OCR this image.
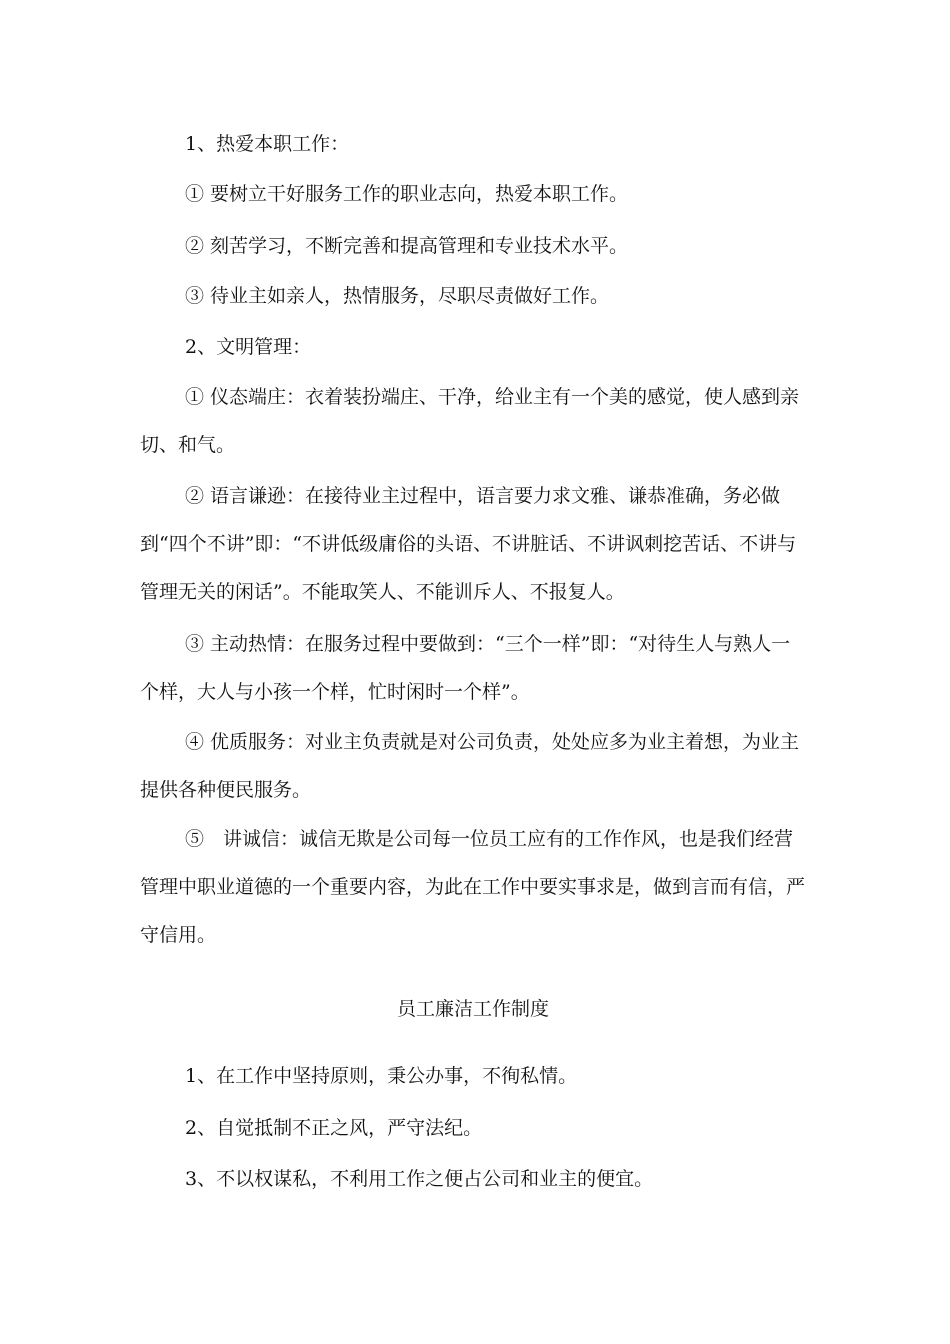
1、热爱本职工作：

① 要树立干好服务工作的职业志向，热爱本职工作。

② 刻苦学习，不断完善和提高管理和专业技术水平。

③ 待业主如亲人，热情服务，尽职尽责做好工作。

2、文明管理：

① 仪态端庄：衣着装扮端庄、干净，给业主有一个美的感觉，使人感到亲切、和气。

② 语言谦逊：在接待业主过程中，语言要力求文雅、谦恭准确，务必做到“四个不讲”即：“不讲低级庸俗的头语、不讲脏话、不讲讽刺挖苦话、不讲与管理无关的闲话”。不能取笑人、不能训斥人、不报复人。

③ 主动热情：在服务过程中要做到：“三个一样”即：“对待生人与熟人一个样，大人与小孩一个样，忙时闲时一个样”。

④ 优质服务：对业主负责就是对公司负责，处处应多为业主着想，为业主提供各种便民服务。

⑤　讲诚信：诚信无欺是公司每一位员工应有的工作作风，也是我们经营管理中职业道德的一个重要内容，为此在工作中要实事求是，做到言而有信，严守信用。

员工廉洁工作制度

1、在工作中坚持原则，秉公办事，不徇私情。

2、自觉抵制不正之风，严守法纪。

3、不以权谋私，不利用工作之便占公司和业主的便宜。
